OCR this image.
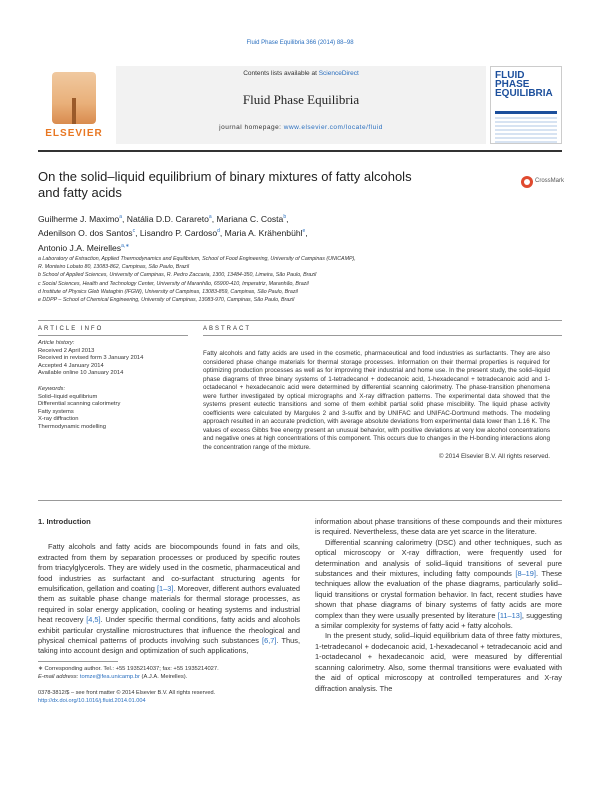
Fluid Phase Equilibria 366 (2014) 88–98
ELSEVIER
Contents lists available at ScienceDirect
Fluid Phase Equilibria
journal homepage: www.elsevier.com/locate/fluid
FLUID PHASE EQUILIBRIA
On the solid–liquid equilibrium of binary mixtures of fatty alcohols
and fatty acids
CrossMark
Guilherme J. Maximo$^a$, Natália D.D. Carareto$^a$, Mariana C. Costa$^b$,
Adenilson O. dos Santos$^c$, Lisandro P. Cardoso$^d$, Maria A. Krähenbühl$^e$,
Antonio J.A. Meirelles$^{a,∗}$
a Laboratory of Extraction, Applied Thermodynamics and Equilibrium, School of Food Engineering, University of Campinas (UNICAMP),
R. Monteiro Lobato 80, 13083-862, Campinas, São Paulo, Brazil
b School of Applied Sciences, University of Campinas, R. Pedro Zaccaria, 1300, 13484-350, Limeira, São Paulo, Brazil
c Social Sciences, Health and Technology Center, University of Maranhão, 65900-410, Imperatriz, Maranhão, Brazil
d Institute of Physics Gleb Wataghin (IFGW), University of Campinas, 13083-859, Campinas, São Paulo, Brazil
e DDPP – School of Chemical Engineering, University of Campinas, 13083-970, Campinas, São Paulo, Brazil
ARTICLE INFO	ABSTRACT
Article history:
Received 2 April 2013
Received in revised form 3 January 2014
Accepted 4 January 2014
Available online 10 January 2014
Keywords:
Solid–liquid equilibrium
Differential scanning calorimetry
Fatty systems
X-ray diffraction
Thermodynamic modelling
Fatty alcohols and fatty acids are used in the cosmetic, pharmaceutical and food industries as surfactants. They are also considered phase change materials for thermal storage processes. Information on their thermal properties is required for optimizing production processes as well as for improving their industrial and home use. In the present study, the solid–liquid phase diagrams of three binary systems of 1-tetradecanol + dodecanoic acid, 1-hexadecanol + tetradecanoic acid and 1-octadecanol + hexadecanoic acid were determined by differential scanning calorimetry. The phase-transition phenomena were further investigated by optical micrographs and X-ray diffraction patterns. The experimental data showed that the systems present eutectic transitions and some of them exhibit partial solid phase miscibility. The liquid phase activity coefficients were calculated by Margules 2 and 3-suffix and by UNIFAC and UNIFAC-Dortmund methods. The modeling approach resulted in an accurate prediction, with average absolute deviations from experimental data lower than 1.16 K. The values of excess Gibbs free energy present an unusual behavior, with positive deviations at very low alcohol concentrations and negative ones at high concentrations of this component. This occurs due to changes in the H-bonding interactions along the concentration range of the mixture.
© 2014 Elsevier B.V. All rights reserved.
1. Introduction

Fatty alcohols and fatty acids are biocompounds found in fats and oils, extracted from them by separation processes or produced by specific routes from triacylglycerols. They are widely used in the cosmetic, pharmaceutical and food industries as surfactant and co-surfactant structuring agents for emulsification, gellation and coating [1–3]. Moreover, different authors evaluated them as suitable phase change materials for thermal storage processes, as required in solar energy application, cooling or heating systems and industrial heat recovery [4,5]. Under specific thermal conditions, fatty acids and alcohols exhibit particular crystalline microstructures that influence the rheological and physical chemical patterns of products involving such substances [6,7]. Thus, taking into account design and optimization of such applications,

information about phase transitions of these compounds and their mixtures is required. Nevertheless, these data are yet scarce in the literature.

Differential scanning calorimetry (DSC) and other techniques, such as optical microscopy or X-ray diffraction, were frequently used for determination and analysis of solid–liquid transitions of several pure substances and their mixtures, including fatty compounds [8–19]. These techniques allow the evaluation of the phase diagrams, particularly solid–liquid transitions or crystal formation behavior. In fact, recent studies have shown that phase diagrams of binary systems of fatty acids are more complex than they were usually presented by literature [11–13], suggesting a similar complexity for systems of fatty acid + fatty alcohols.

In the present study, solid–liquid equilibrium data of three fatty mixtures, 1-tetradecanol + dodecanoic acid, 1-hexadecanol + tetradecanoic acid and 1-octadecanol + hexadecanoic acid, were measured by differential scanning calorimetry. Also, some thermal transitions were evaluated with the aid of optical microscopy at controlled temperatures and X-ray diffraction analysis. The

∗ Corresponding author. Tel.: +55 1935214037; fax: +55 1935214027.
E-mail address: tomze@fea.unicamp.br (A.J.A. Meirelles).
0378-3812/$ – see front matter © 2014 Elsevier B.V. All rights reserved.
http://dx.doi.org/10.1016/j.fluid.2014.01.004
